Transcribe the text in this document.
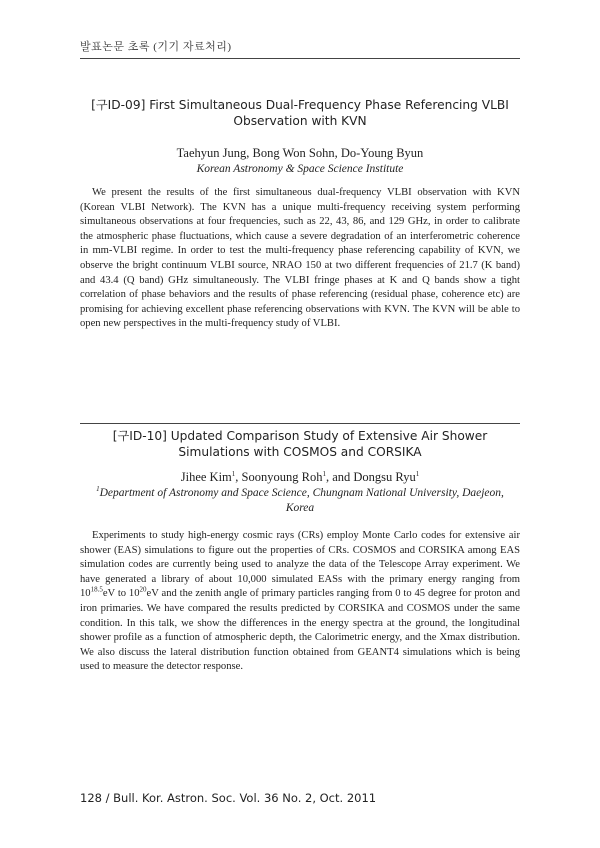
발표논문 초록 (기기 자료처리)
[구ID-09] First Simultaneous Dual-Frequency Phase Referencing VLBI
Observation with KVN
Taehyun Jung, Bong Won Sohn, Do-Young Byun
Korean Astronomy & Space Science Institute
We present the results of the first simultaneous dual-frequency VLBI observation with KVN (Korean VLBI Network). The KVN has a unique multi-frequency receiving system performing simultaneous observations at four frequencies, such as 22, 43, 86, and 129 GHz, in order to calibrate the atmospheric phase fluctuations, which cause a severe degradation of an interferometric coherence in mm-VLBI regime. In order to test the multi-frequency phase referencing capability of KVN, we observe the bright continuum VLBI source, NRAO 150 at two different frequencies of 21.7 (K band) and 43.4 (Q band) GHz simultaneously. The VLBI fringe phases at K and Q bands show a tight correlation of phase behaviors and the results of phase referencing (residual phase, coherence etc) are promising for achieving excellent phase referencing observations with KVN. The KVN will be able to open new perspectives in the multi-frequency study of VLBI.
[구ID-10] Updated Comparison Study of Extensive Air Shower
Simulations with COSMOS and CORSIKA
Jihee Kim$^1$, Soonyoung Roh$^1$, and Dongsu Ryu$^1$
$^1$Department of Astronomy and Space Science, Chungnam National University, Daejeon,
Korea
Experiments to study high-energy cosmic rays (CRs) employ Monte Carlo codes for extensive air shower (EAS) simulations to figure out the properties of CRs. COSMOS and CORSIKA among EAS simulation codes are currently being used to analyze the data of the Telescope Array experiment. We have generated a library of about 10,000 simulated EASs with the primary energy ranging from $10^{18.5}eV$ to $10^{20}eV$ and the zenith angle of primary particles ranging from 0 to 45 degree for proton and iron primaries. We have compared the results predicted by CORSIKA and COSMOS under the same condition. In this talk, we show the differences in the energy spectra at the ground, the longitudinal shower profile as a function of atmospheric depth, the Calorimetric energy, and the Xmax distribution. We also discuss the lateral distribution function obtained from GEANT4 simulations which is being used to measure the detector response.
128 / Bull. Kor. Astron. Soc. Vol. 36 No. 2, Oct. 2011
